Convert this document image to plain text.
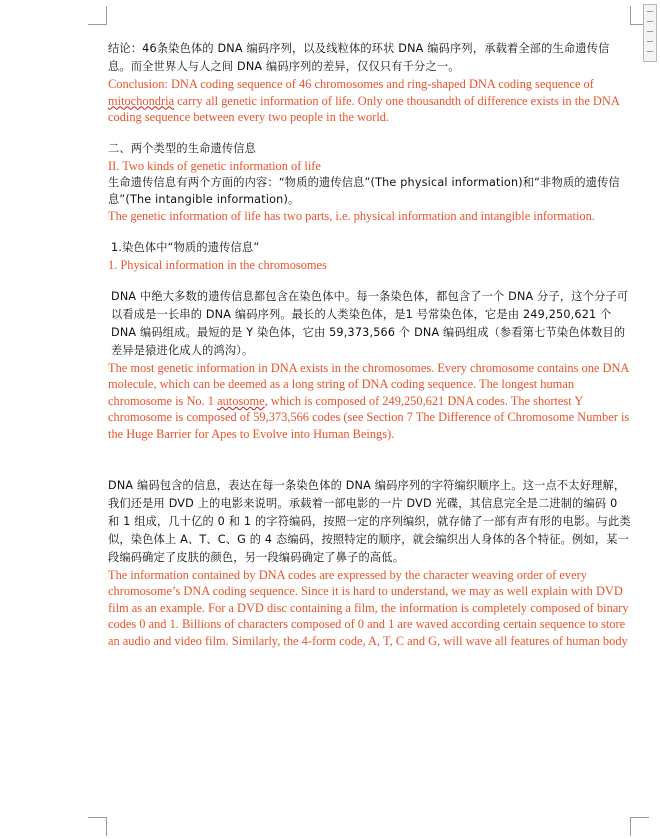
结论：46条染色体的 DNA 编码序列，以及线粒体的环状 DNA 编码序列，承载着全部的生命遗传信息。而全世界人与人之间 DNA 编码序列的差异，仅仅只有千分之一。

Conclusion: DNA coding sequence of 46 chromosomes and ring-shaped DNA coding sequence of mitochondria carry all genetic information of life. Only one thousandth of difference exists in the DNA coding sequence between every two people in the world.

二、两个类型的生命遗传信息

II. Two kinds of genetic information of life

生命遗传信息有两个方面的内容：“物质的遗传信息”(The physical information)和“非物质的遗传信息”(The intangible information)。

The genetic information of life has two parts, i.e. physical information and intangible information.

1.染色体中“物质的遗传信息”

1. Physical information in the chromosomes

DNA 中绝大多数的遗传信息都包含在染色体中。每一条染色体，都包含了一个 DNA 分子，这个分子可以看成是一长串的 DNA 编码序列。最长的人类染色体，是1 号常染色体，它是由 249,250,621 个 DNA 编码组成。最短的是 Y 染色体，它由 59,373,566 个 DNA 编码组成（参看第七节染色体数目的差异是猿进化成人的鸿沟）。

The most genetic information in DNA exists in the chromosomes. Every chromosome contains one DNA molecule, which can be deemed as a long string of DNA coding sequence. The longest human chromosome is No. 1 autosome, which is composed of 249,250,621 DNA codes. The shortest Y chromosome is composed of 59,373,566 codes (see Section 7 The Difference of Chromosome Number is the Huge Barrier for Apes to Evolve into Human Beings).

DNA 编码包含的信息，表达在每一条染色体的 DNA 编码序列的字符编织顺序上。这一点不太好理解，我们还是用 DVD 上的电影来说明。承载着一部电影的一片 DVD 光碟，其信息完全是二进制的编码 0 和 1 组成，几十亿的 0 和 1 的字符编码，按照一定的序列编织，就存储了一部有声有形的电影。与此类似，染色体上 A、T、C、G 的 4 态编码，按照特定的顺序，就会编织出人身体的各个特征。例如，某一段编码确定了皮肤的颜色，另一段编码确定了鼻子的高低。

The information contained by DNA codes are expressed by the character weaving order of every chromosome’s DNA coding sequence. Since it is hard to understand, we may as well explain with DVD film as an example. For a DVD disc containing a film, the information is completely composed of binary codes 0 and 1. Billions of characters composed of 0 and 1 are waved according certain sequence to store an audio and video film. Similarly, the 4-form code, A, T, C and G, will wave all features of human body
